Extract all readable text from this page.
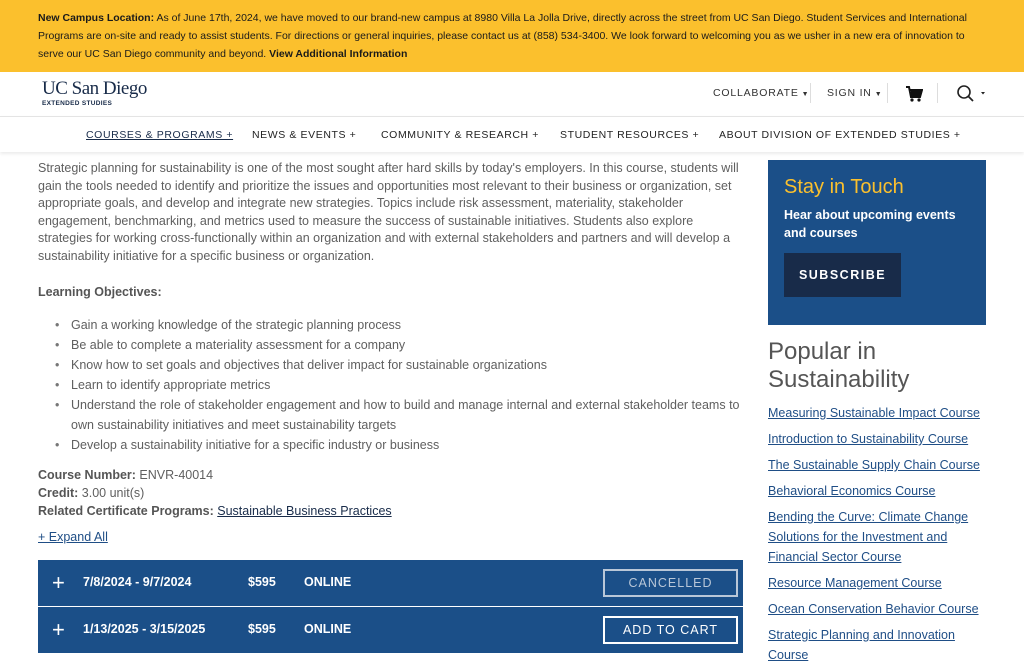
New Campus Location: As of June 17th, 2024, we have moved to our brand-new campus at 8980 Villa La Jolla Drive, directly across the street from UC San Diego. Student Services and International Programs are on-site and ready to assist students. For directions or general inquiries, please contact us at (858) 534-3400. We look forward to welcoming you as we usher in a new era of innovation to serve our UC San Diego community and beyond. View Additional Information
UC San Diego
EXTENDED STUDIES
COLLABORATE ▼ SIGN IN ▼
COURSES & PROGRAMS + NEWS & EVENTS + COMMUNITY & RESEARCH + STUDENT RESOURCES + ABOUT DIVISION OF EXTENDED STUDIES +

Strategic planning for sustainability is one of the most sought after hard skills by today's employers. In this course, students will gain the tools needed to identify and prioritize the issues and opportunities most relevant to their business or organization, set appropriate goals, and develop and integrate new strategies. Topics include risk assessment, materiality, stakeholder engagement, benchmarking, and metrics used to measure the success of sustainable initiatives. Students also explore strategies for working cross-functionally within an organization and with external stakeholders and partners and will develop a sustainability initiative for a specific business or organization.

Learning Objectives:

• Gain a working knowledge of the strategic planning process
• Be able to complete a materiality assessment for a company
• Know how to set goals and objectives that deliver impact for sustainable organizations
• Learn to identify appropriate metrics
• Understand the role of stakeholder engagement and how to build and manage internal and external stakeholder teams to own sustainability initiatives and meet sustainability targets
• Develop a sustainability initiative for a specific industry or business
Course Number: ENVR-40014
Credit: 3.00 unit(s)
Related Certificate Programs: Sustainable Business Practices
+ Expand All
+ 7/8/2024 - 9/7/2024	$595 ONLINE	CANCELLED
+ 1/13/2025 - 3/15/2025	$595 ONLINE	ADD TO CART
Stay in Touch

Hear about upcoming events and courses

SUBSCRIBE
Popular in Sustainability
Measuring Sustainable Impact Course
Introduction to Sustainability Course
The Sustainable Supply Chain Course
Behavioral Economics Course
Bending the Curve: Climate Change Solutions for the Investment and Financial Sector Course
Resource Management Course
Ocean Conservation Behavior Course
Strategic Planning and Innovation Course
